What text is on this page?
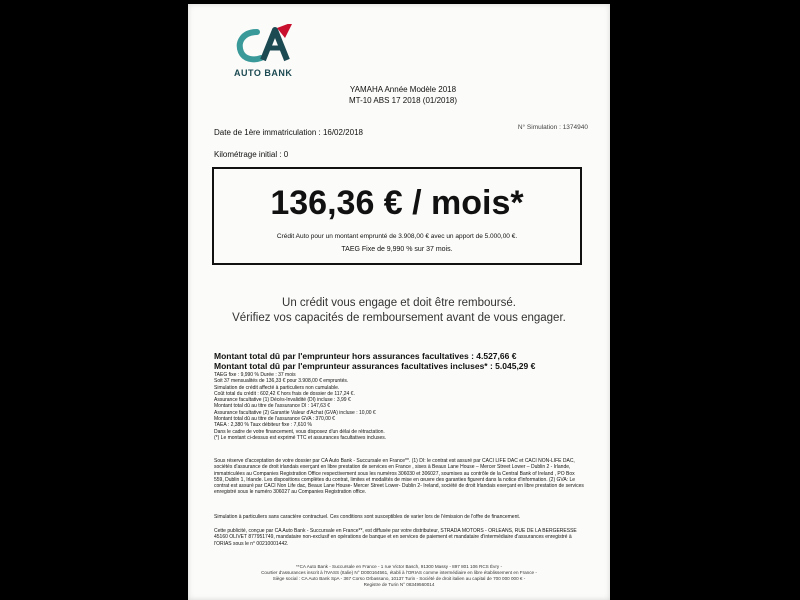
AUTO BANK
YAMAHA Année Modèle 2018
MT-10 ABS 17 2018 (01/2018)
N° Simulation : 1374940
Date de 1ère immatriculation : 16/02/2018
Kilométrage initial : 0
136,36 € / mois*
Crédit Auto pour un montant emprunté de 3.908,00 € avec un apport de 5.000,00 €.
TAEG Fixe de 9,990 % sur 37 mois.
Un crédit vous engage et doit être remboursé.
Vérifiez vos capacités de remboursement avant de vous engager.
Montant total dû par l'emprunteur hors assurances facultatives : 4.527,66 €
Montant total dû par l'emprunteur assurances facultatives incluses* : 5.045,29 €
TAEG fixe : 9,990 % Durée : 37 mois
Soit 37 mensualités de 136,33 € pour 3.908,00 € empruntés.
Simulation de crédit affecté à particuliers non cumulable.
Coût total du crédit : 602,42 € hors frais de dossier de 117,24 €.
Assurance facultative (1) Décès-Invalidité (DI) incluse : 3,99 €
Montant total dû au titre de l'assurance DI : 147,63 €
Assurance facultative (2) Garantie Valeur d'Achat (GVA) incluse : 10,00 €
Montant total dû au titre de l'assurance GVA : 370,00 €
TAEA : 2,380 % Taux débiteur fixe : 7,610 %
Dans le cadre de votre financement, vous disposez d'un délai de rétractation.
(*) Le montant ci-dessus est exprimé TTC et assurances facultatives incluses.
Sous réserve d'acceptation de votre dossier par CA Auto Bank - Succursale en France**. (1) DI: le contrat est assuré par CACI LIFE DAC et CACI NON-LIFE DAC, sociétés d'assurance de droit irlandais exerçant en libre prestation de services en France , sises à Beaux Lane House – Mercer Street Lower – Dublin 2 - Irlande, immatriculées au Companies Registration Office respectivement sous les numéros 306030 et 306027, soumises au contrôle de la Central Bank of Ireland , PO Box 559, Dublin 1, Irlande. Les dispositions complètes du contrat, limites et modalités de mise en œuvre des garanties figurent dans la notice d'information. (2) GVA: Le contrat est assuré par CACI Non Life dac, Beaux Lane House- Mercer Street Lower- Dublin 2- Ireland, société de droit Irlandais exerçant en libre prestation de services enregistré sous le numéro 306027 au Companies Registration office.
Simulation à particuliers sans caractère contractuel. Ces conditions sont susceptibles de varier lors de l'émission de l'offre de financement.
Cette publicité, conçue par CA Auto Bank - Succursale en France**, est diffusée par votre distributeur, STRADA MOTORS - ORLEANS, RUE DE LA BERGERESSE 45160 OLIVET 877951749, mandataire non-exclusif en opérations de banque et en services de paiement et mandataire d'intermédiaire d'assurances enregistré à l'ORIAS sous le n° 00210001442.
**CA Auto Bank - Succursale en France - 1 rue Victor Basch, 91300 Massy - 897 801 106 RCS Évry -
Courtier d'assurances inscrit à l'IVASS (Italie) N° D000164561, établi à l'ORIAS comme intermédiaire en libre établissement en France -
Siège social : CA Auto Bank SpA - 367 Corso Orbassano, 10137 Turin - Société de droit italien au capital de 700 000 000 € -
Registre de Turin N° 08349560014
